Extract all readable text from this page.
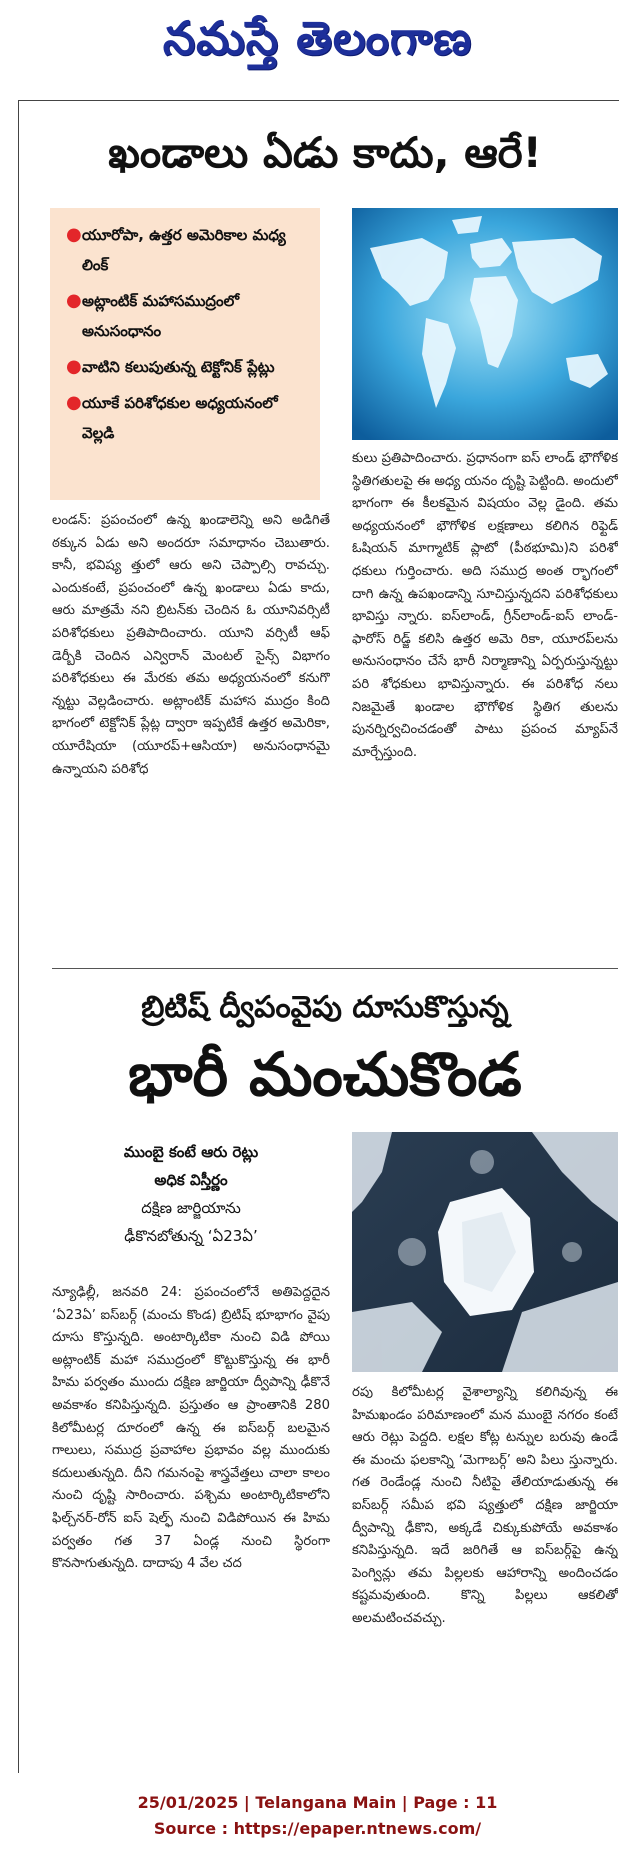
నమస్తే తెలంగాణ
ఖండాలు ఏడు కాదు, ఆరే!
● యూరోపా, ఉత్తర అమెరికాల మధ్య లింక్
● అట్లాంటిక్ మహాసముద్రంలో అనుసంధానం
● వాటిని కలుపుతున్న టెక్టోనిక్ ప్లేట్లు
● యూకే పరిశోధకుల అధ్యయనంలో వెల్లడి
లండన్: ప్రపంచంలో ఉన్న ఖండాలెన్ని అని అడిగితే ఠక్కున ఏడు అని అందరూ సమాధానం చెబుతారు. కానీ, భవిష్య త్తులో ఆరు అని చెప్పాల్సి రావచ్చు. ఎందుకంటే, ప్రపంచంలో ఉన్న ఖండాలు ఏడు కాదు, ఆరు మాత్రమే నని బ్రిటన్‌కు చెందిన ఓ యూనివర్సిటీ పరిశోధకులు ప్రతిపాదించారు. యూని వర్సిటీ ఆఫ్ డెర్బీకి చెందిన ఎన్విరాన్ మెంటల్ సైన్స్ విభాగం పరిశోధకులు ఈ మేరకు తమ అధ్యయనంలో కనుగొ న్నట్టు వెల్లడించారు. అట్లాంటిక్ మహాస ముద్రం కింది భాగంలో టెక్టోనిక్ ప్లేట్ల ద్వారా ఇప్పటికే ఉత్తర అమెరికా, యూరేషియా (యూరప్+ఆసియా) అనుసంధానమై ఉన్నాయని పరిశోధ
కులు ప్రతిపాదించారు. ప్రధానంగా ఐస్ లాండ్ భౌగోళిక స్థితిగతులపై ఈ అధ్య యనం దృష్టి పెట్టింది. అందులో భాగంగా ఈ కీలకమైన విషయం వెల్ల డైంది. తమ అధ్యయనంలో భౌగోళిక లక్షణాలు కలిగిన రిఫ్టెడ్ ఓషియన్ మాగ్మాటిక్ ప్లాటో (పీఠభూమి)ని పరిశో ధకులు గుర్తించారు. అది సముద్ర అంత ర్భాగంలో దాగి ఉన్న ఉపఖండాన్ని సూచిస్తున్నదని పరిశోధకులు భావిస్తు న్నారు. ఐస్‌లాండ్, గ్రీన్‌లాండ్-ఐస్ లాండ్-ఫారోస్ రిడ్జ్ కలిసి ఉత్తర అమె రికా, యూరప్‌లను అనుసంధానం చేసే భారీ నిర్మాణాన్ని ఏర్పరుస్తున్నట్టు పరి శోధకులు భావిస్తున్నారు. ఈ పరిశోధ నలు నిజమైతే ఖండాల భౌగోళిక స్థితిగ తులను పునర్నిర్వచించడంతో పాటు ప్రపంచ మ్యాప్‌నే మార్చేస్తుంది.
బ్రిటిష్ ద్వీపంవైపు దూసుకొస్తున్న
భారీ మంచుకొండ
ముంబై కంటే ఆరు రెట్లు
అధిక విస్తీర్ణం
దక్షిణ జార్జియాను
ఢీకొనబోతున్న ‘ఏ23ఏ’
న్యూఢిల్లీ, జనవరి 24: ప్రపంచంలోనే అతిపెద్దదైన ‘ఏ23ఏ’ ఐస్‌బర్గ్ (మంచు కొండ) బ్రిటిష్ భూభాగం వైపు దూసు కొస్తున్నది. అంటార్కిటికా నుంచి విడి పోయి అట్లాంటిక్ మహా సముద్రంలో కొట్టుకొస్తున్న ఈ భారీ హిమ పర్వతం ముందు దక్షిణ జార్జియా ద్వీపాన్ని ఢీకొనే అవకాశం కనిపిస్తున్నది. ప్రస్తుతం ఆ ప్రాంతానికి 280 కిలోమీటర్ల దూరంలో ఉన్న ఈ ఐస్‌బర్గ్ బలమైన గాలులు, సముద్ర ప్రవాహాల ప్రభావం వల్ల ముందుకు కదులుతున్నది. దీని గమనంపై శాస్త్రవేత్తలు చాలా కాలం నుంచి దృష్టి సారించారు. పశ్చిమ అంటార్కిటికాలోని ఫిల్చ్‌నర్-రోన్ ఐస్ షెల్ఫ్ నుంచి విడిపోయిన ఈ హిమ పర్వతం గత 37 ఏండ్ల నుంచి స్థిరంగా కొనసాగుతున్నది. దాదాపు 4 వేల చద
రపు కిలోమీటర్ల వైశాల్యాన్ని కలిగివున్న ఈ హిమఖండం పరిమాణంలో మన ముంబై నగరం కంటే ఆరు రెట్లు పెద్దది. లక్షల కోట్ల టన్నుల బరువు ఉండే ఈ మంచు ఫలకాన్ని ‘మెగాబర్గ్’ అని పిలు స్తున్నారు. గత రెండేండ్ల నుంచి నీటిపై తేలియాడుతున్న ఈ ఐస్‌బర్గ్ సమీప భవి ష్యత్తులో దక్షిణ జార్జియా ద్వీపాన్ని ఢీకొని, అక్కడే చిక్కుకుపోయే అవకాశం కనిపిస్తున్నది. ఇదే జరిగితే ఆ ఐస్‌బర్గ్‌పై ఉన్న పెంగ్విన్లు తమ పిల్లలకు ఆహారాన్ని అందించడం కష్టమవుతుంది. కొన్ని పిల్లలు ఆకలితో అలమటించవచ్చు.
25/01/2025 | Telangana Main | Page : 11
Source : https://epaper.ntnews.com/
